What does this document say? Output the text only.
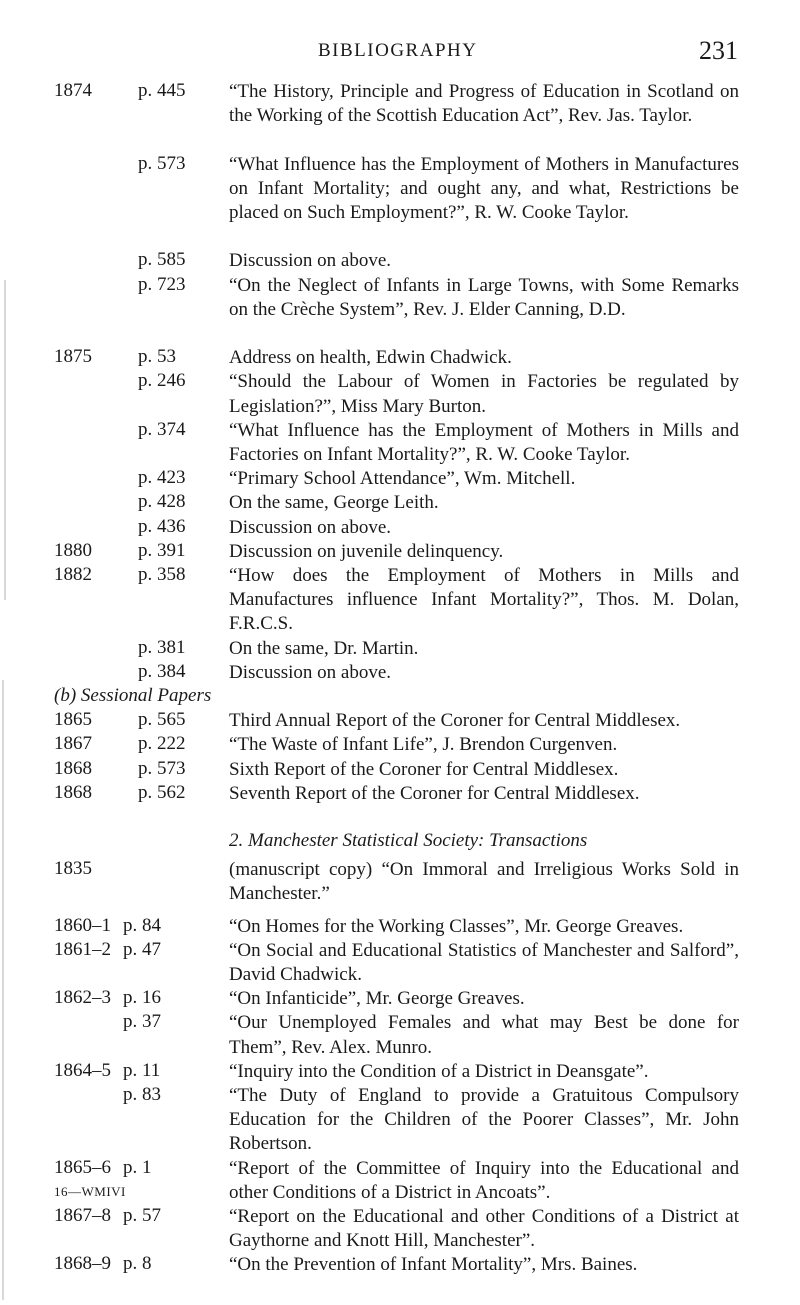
BIBLIOGRAPHY	231
1874 p. 445 “The History, Principle and Progress of Education in Scotland on the Working of the Scottish Education Act”, Rev. Jas. Taylor.
p. 573 “What Influence has the Employment of Mothers in Manufactures on Infant Mortality; and ought any, and what, Restrictions be placed on Such Employment?”, R. W. Cooke Taylor.
p. 585 Discussion on above.
p. 723 “On the Neglect of Infants in Large Towns, with Some Remarks on the Crèche System”, Rev. J. Elder Canning, D.D.
1875 p. 53	Address on health, Edwin Chadwick.
p. 246 “Should the Labour of Women in Factories be regulated by Legislation?”, Miss Mary Burton.
p. 374 “What Influence has the Employment of Mothers in Mills and Factories on Infant Mortality?”, R. W. Cooke Taylor.
p. 423 “Primary School Attendance”, Wm. Mitchell.
p. 428 On the same, George Leith.
p. 436 Discussion on above.
1880 p. 391 Discussion on juvenile delinquency.
1882 p. 358 “How does the Employment of Mothers in Mills and Manufactures influence Infant Mortality?”, Thos. M. Dolan, F.R.C.S.
p. 381 On the same, Dr. Martin.
p. 384 Discussion on above.
(b) Sessional Papers
1865 p. 565 Third Annual Report of the Coroner for Central Middlesex.
1867 p. 222 “The Waste of Infant Life”, J. Brendon Curgenven.
1868 p. 573 Sixth Report of the Coroner for Central Middlesex.
1868 p. 562 Seventh Report of the Coroner for Central Middlesex.
2. Manchester Statistical Society: Transactions
1835	(manuscript copy) “On Immoral and Irreligious Works Sold in Manchester.”
1860–1 p. 84	“On Homes for the Working Classes”, Mr. George Greaves.
1861–2 p. 47	“On Social and Educational Statistics of Manchester and Salford”, David Chadwick.
1862–3 p. 16	“On Infanticide”, Mr. George Greaves.
p. 37	“Our Unemployed Females and what may Best be done for Them”, Rev. Alex. Munro.
1864–5 p. 11	“Inquiry into the Condition of a District in Deansgate”.
p. 83	“The Duty of England to provide a Gratuitous Compulsory Education for the Children of the Poorer Classes”, Mr. John Robertson.
1865–6 p. 1	“Report of the Committee of Inquiry into the Educational and other Conditions of a District in Ancoats”.
1867–8 p. 57	“Report on the Educational and other Conditions of a District at Gaythorne and Knott Hill, Manchester”.
1868–9 p. 8	“On the Prevention of Infant Mortality”, Mrs. Baines.
16—WMIVI
